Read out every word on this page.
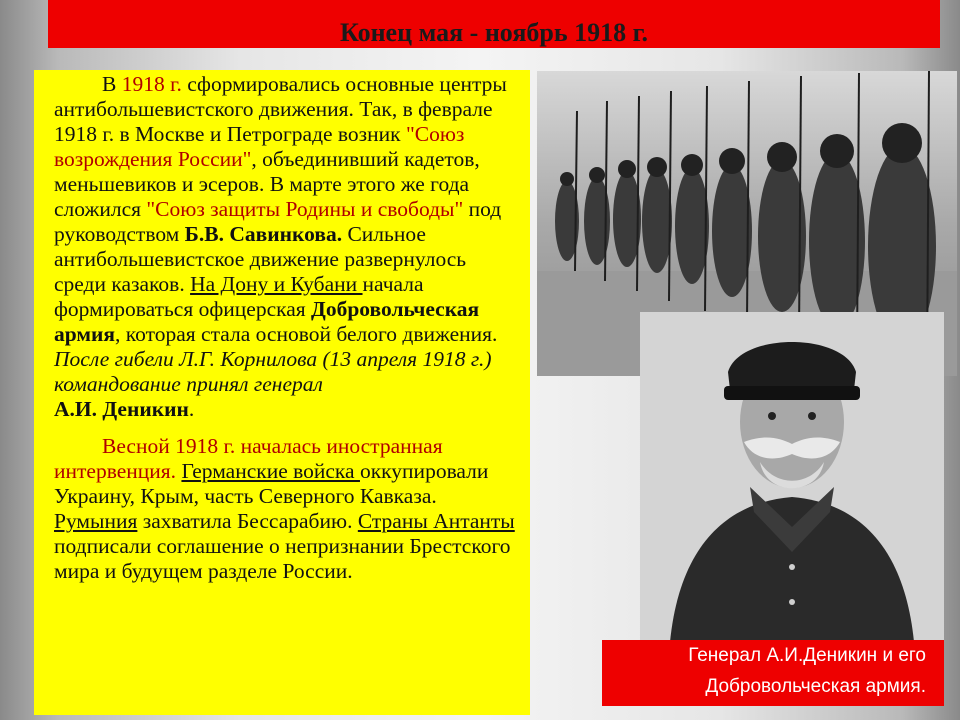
Конец мая - ноябрь 1918 г.

В 1918 г. сформировались основные центры антибольшевистского движения. Так, в феврале 1918 г. в Москве и Петрограде возник "Союз возрождения России", объединивший кадетов, меньшевиков и эсеров. В марте этого же года сложился "Союз защиты Родины и свободы" под руководством Б.В. Савинкова. Сильное антибольшевистское движение развернулось среди казаков. На Дону и Кубани начала формироваться офицерская Добровольческая армия, которая стала основой белого движения. После гибели Л.Г. Корнилова (13 апреля 1918 г.) командование принял генерал
А.И. Деникин.

Весной 1918 г. началась иностранная интервенция. Германские войска оккупировали Украину, Крым, часть Северного Кавказа. Румыния захватила Бессарабию. Страны Антанты подписали соглашение о непризнании Брестского мира и будущем разделе России.

Генерал А.И.Деникин и его
Добровольческая армия.
